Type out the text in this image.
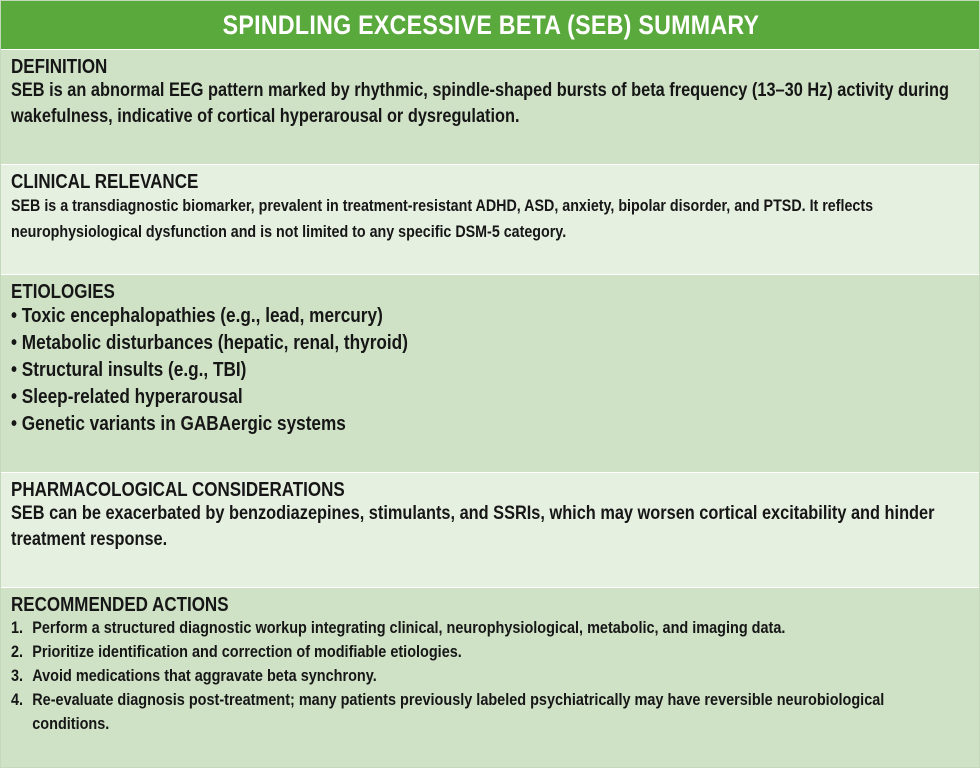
SPINDLING EXCESSIVE BETA (SEB) SUMMARY
DEFINITION
SEB is an abnormal EEG pattern marked by rhythmic, spindle-shaped bursts of beta frequency (13–30 Hz) activity during wakefulness, indicative of cortical hyperarousal or dysregulation.
CLINICAL RELEVANCE
SEB is a transdiagnostic biomarker, prevalent in treatment-resistant ADHD, ASD, anxiety, bipolar disorder, and PTSD. It reflects neurophysiological dysfunction and is not limited to any specific DSM-5 category.
ETIOLOGIES
• Toxic encephalopathies (e.g., lead, mercury)
• Metabolic disturbances (hepatic, renal, thyroid)
• Structural insults (e.g., TBI)
• Sleep-related hyperarousal
• Genetic variants in GABAergic systems
PHARMACOLOGICAL CONSIDERATIONS
SEB can be exacerbated by benzodiazepines, stimulants, and SSRIs, which may worsen cortical excitability and hinder treatment response.
RECOMMENDED ACTIONS
1. Perform a structured diagnostic workup integrating clinical, neurophysiological, metabolic, and imaging data.
2. Prioritize identification and correction of modifiable etiologies.
3. Avoid medications that aggravate beta synchrony.
4. Re-evaluate diagnosis post-treatment; many patients previously labeled psychiatrically may have reversible neurobiological conditions.
